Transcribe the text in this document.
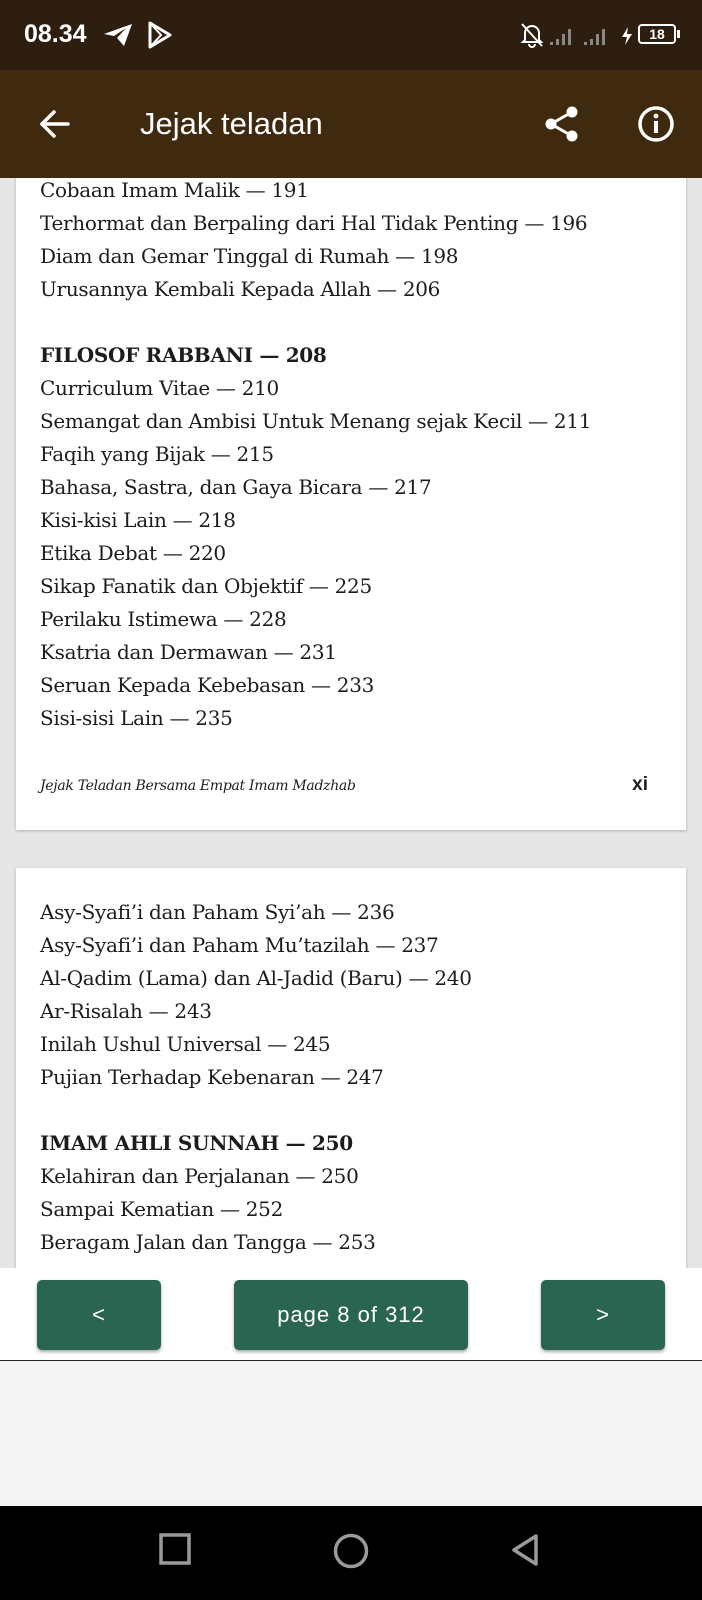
08.34	18
Jejak teladan
Cobaan Imam Malik — 191
Terhormat dan Berpaling dari Hal Tidak Penting — 196
Diam dan Gemar Tinggal di Rumah — 198
Urusannya Kembali Kepada Allah — 206
FILOSOF RABBANI — 208
Curriculum Vitae — 210
Semangat dan Ambisi Untuk Menang sejak Kecil — 211
Faqih yang Bijak — 215
Bahasa, Sastra, dan Gaya Bicara — 217
Kisi-kisi Lain — 218
Etika Debat — 220
Sikap Fanatik dan Objektif — 225
Perilaku Istimewa — 228
Ksatria dan Dermawan — 231
Seruan Kepada Kebebasan — 233
Sisi-sisi Lain — 235
Jejak Teladan Bersama Empat Imam Madzhab	xi
Asy-Syafi’i dan Paham Syi’ah — 236
Asy-Syafi’i dan Paham Mu’tazilah — 237
Al-Qadim (Lama) dan Al-Jadid (Baru) — 240
Ar-Risalah — 243
Inilah Ushul Universal — 245
Pujian Terhadap Kebenaran — 247
IMAM AHLI SUNNAH — 250
Kelahiran dan Perjalanan — 250
Sampai Kematian — 252
Beragam Jalan dan Tangga — 253
<	page 8 of 312	>
